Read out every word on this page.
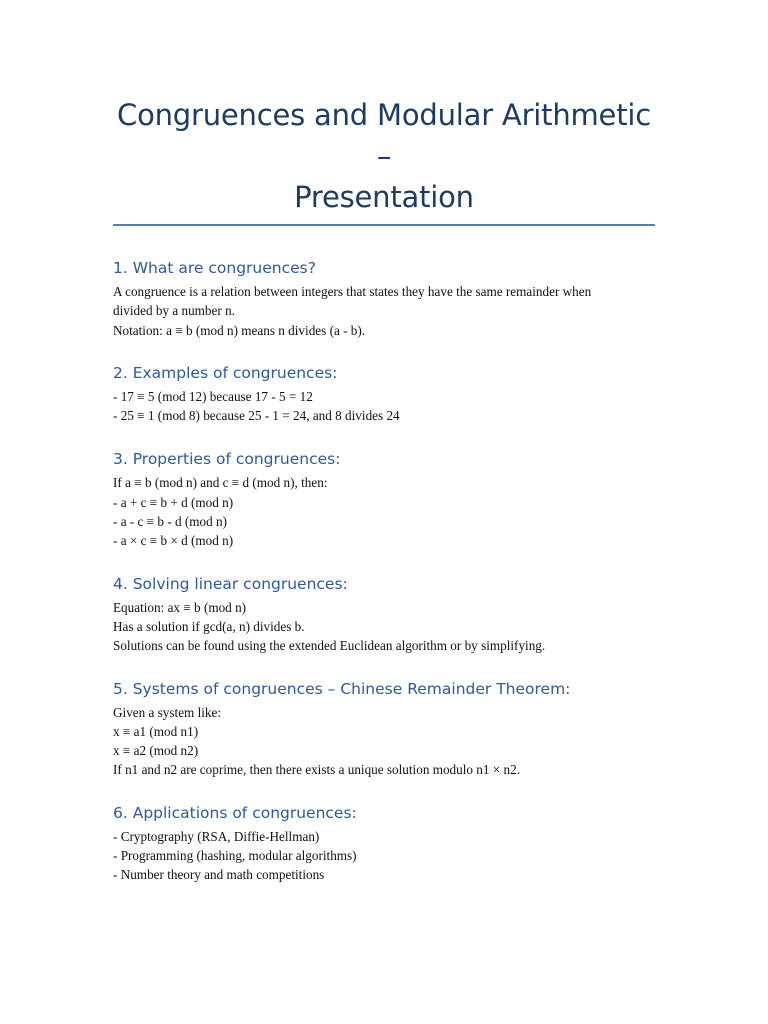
Congruences and Modular Arithmetic –
Presentation
1. What are congruences?

A congruence is a relation between integers that states they have the same remainder when

divided by a number n.

Notation: a ≡ b (mod n) means n divides (a - b).

2. Examples of congruences:

- 17 ≡ 5 (mod 12) because 17 - 5 = 12

- 25 ≡ 1 (mod 8) because 25 - 1 = 24, and 8 divides 24

3. Properties of congruences:

If a ≡ b (mod n) and c ≡ d (mod n), then:

- a + c ≡ b + d (mod n)

- a - c ≡ b - d (mod n)

- a × c ≡ b × d (mod n)

4. Solving linear congruences:

Equation: ax ≡ b (mod n)

Has a solution if gcd(a, n) divides b.

Solutions can be found using the extended Euclidean algorithm or by simplifying.

5. Systems of congruences – Chinese Remainder Theorem:

Given a system like:

x ≡ a1 (mod n1)

x ≡ a2 (mod n2)

If n1 and n2 are coprime, then there exists a unique solution modulo n1 × n2.

6. Applications of congruences:

- Cryptography (RSA, Diffie-Hellman)

- Programming (hashing, modular algorithms)

- Number theory and math competitions
